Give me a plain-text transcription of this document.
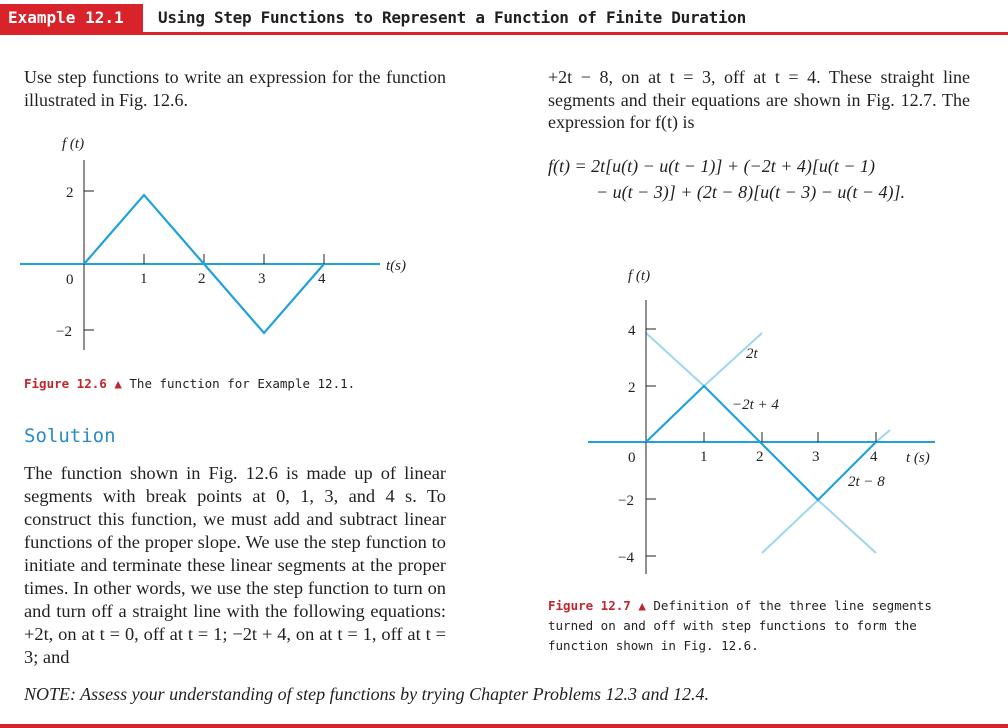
Example 12.1	Using Step Functions to Represent a Function of Finite Duration

Use step functions to write an expression for the function illustrated in Fig. 12.6.

f (t)
2
−2
0	1	2	3	4
t(s)
Figure 12.6 ▲ The function for Example 12.1.
Solution

The function shown in Fig. 12.6 is made up of linear segments with break points at 0, 1, 3, and 4 s. To construct this function, we must add and subtract linear functions of the proper slope. We use the step function to initiate and terminate these linear segments at the proper times. In other words, we use the step function to turn on and turn off a straight line with the following equations: +2t, on at t = 0, off at t = 1; −2t + 4, on at t = 1, off at t = 3; and

+2t − 8, on at t = 3, off at t = 4. These straight line segments and their equations are shown in Fig. 12.7. The expression for f(t) is

f(t) = 2t[u(t) − u(t − 1)] + (−2t + 4)[u(t − 1)
− u(t − 3)] + (2t − 8)[u(t − 3) − u(t − 4)].
f (t)
4
2
−2
−4
0	1	2	3	4 t (s)
2t
−2t + 4
2t − 8
Figure 12.7 ▲ Definition of the three line segments turned on and off with step functions to form the function shown in Fig. 12.6.
NOTE: Assess your understanding of step functions by trying Chapter Problems 12.3 and 12.4.
